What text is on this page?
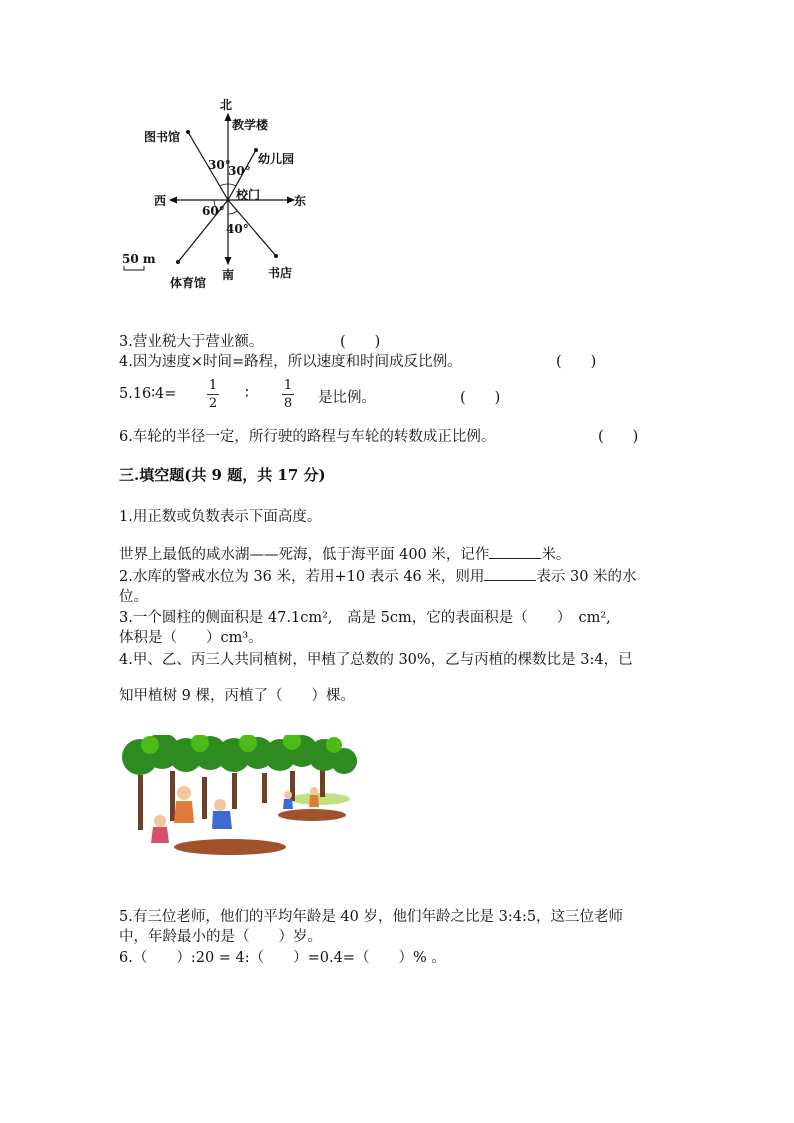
北
教学楼
图书馆
幼儿园
30°
30°
校门
西	东
60°
40°
50 m
体育馆
南	书店
3.营业税大于营业额。	(　　)
4.因为速度×时间=路程，所以速度和时间成反比例。	(　　)
5.16∶4=
1
2
∶
1
8 是比例。	(　　)
6.车轮的半径一定，所行驶的路程与车轮的转数成正比例。	(　　)
三.填空题(共 9 题，共 17 分)
1.用正数或负数表示下面高度。
世界上最低的咸水湖——死海，低于海平面 400 米，记作	米。
2.水库的警戒水位为 36 米，若用+10 表示 46 米，则用	表示 30 米的水
位。
3.一个圆柱的侧面积是 47.1cm²,　高是 5cm，它的表面积是（　　）　cm²,
体积是（　　）cm³。
4.甲、乙、丙三人共同植树，甲植了总数的 30%，乙与丙植的棵数比是 3:4，已
知甲植树 9 棵，丙植了（　　）棵。
5.有三位老师，他们的平均年龄是 40 岁，他们年龄之比是 3:4:5，这三位老师
中，年龄最小的是（　　）岁。
6.（　　）:20 = 4:（　　）=0.4=（　　）% 。
